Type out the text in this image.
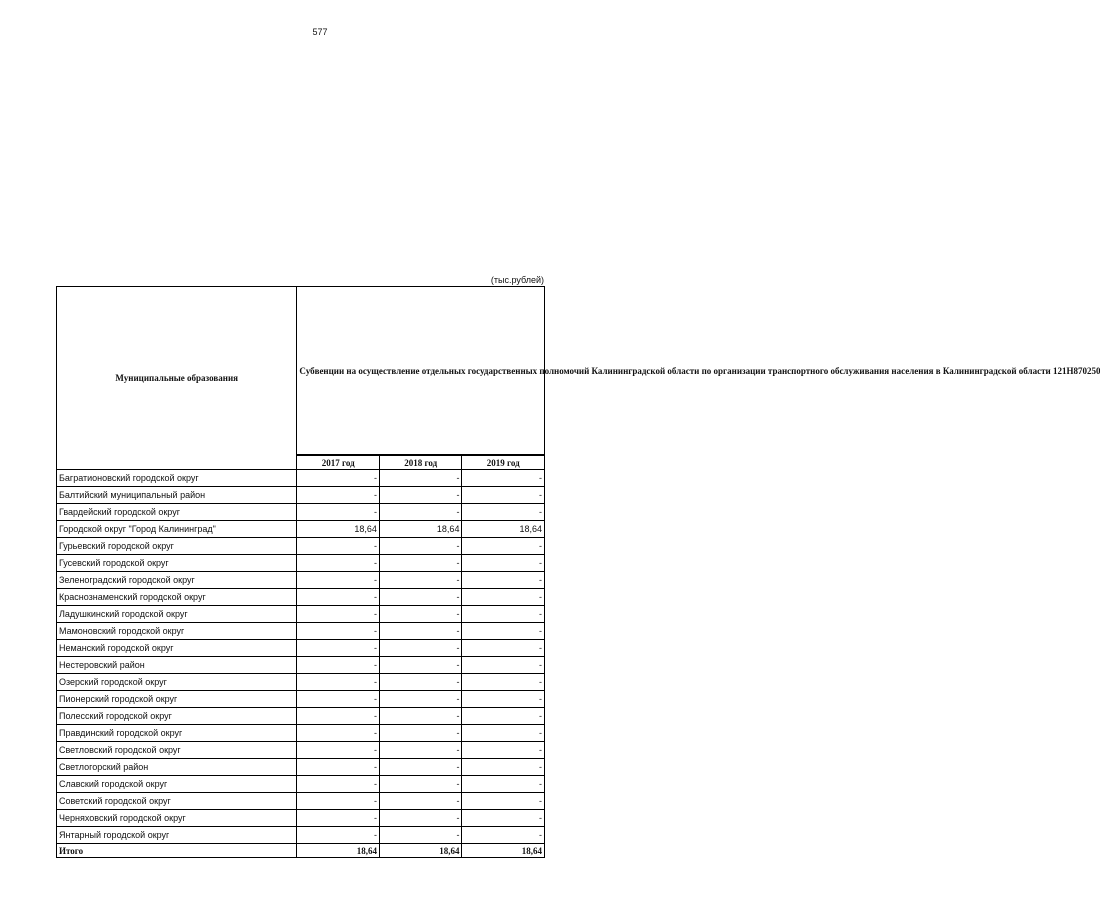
577
(тыс.рублей)
Муниципальные образования	Субвенции на осуществление отдельных государственных полномочий Калининградской области по организации транспортного обслуживания населения в Калининградской области 121Н870250		
	2017 год	2018 год	2019 год
Багратионовский городской округ	-	-	-
Балтийский муниципальный район	-	-	-
Гвардейский городской округ	-	-	-
Городской округ "Город Калининград"	18,64	18,64	18,64
Гурьевский городской округ	-	-	-
Гусевский городской округ	-	-	-
Зеленоградский городской округ	-	-	-
Краснознаменский городской округ	-	-	-
Ладушкинский городской округ	-	-	-
Мамоновский городской округ	-	-	-
Неманский городской округ	-	-	-
Нестеровский район	-	-	-
Озерский городской округ	-	-	-
Пионерский городской округ	-	-	-
Полесский городской округ	-	-	-
Правдинский городской округ	-	-	-
Светловский городской округ	-	-	-
Светлогорский район	-	-	-
Славский городской округ	-	-	-
Советский городской округ	-	-	-
Черняховский городской округ	-	-	-
Янтарный городской округ	-	-	-
Итого	18,64	18,64	18,64
